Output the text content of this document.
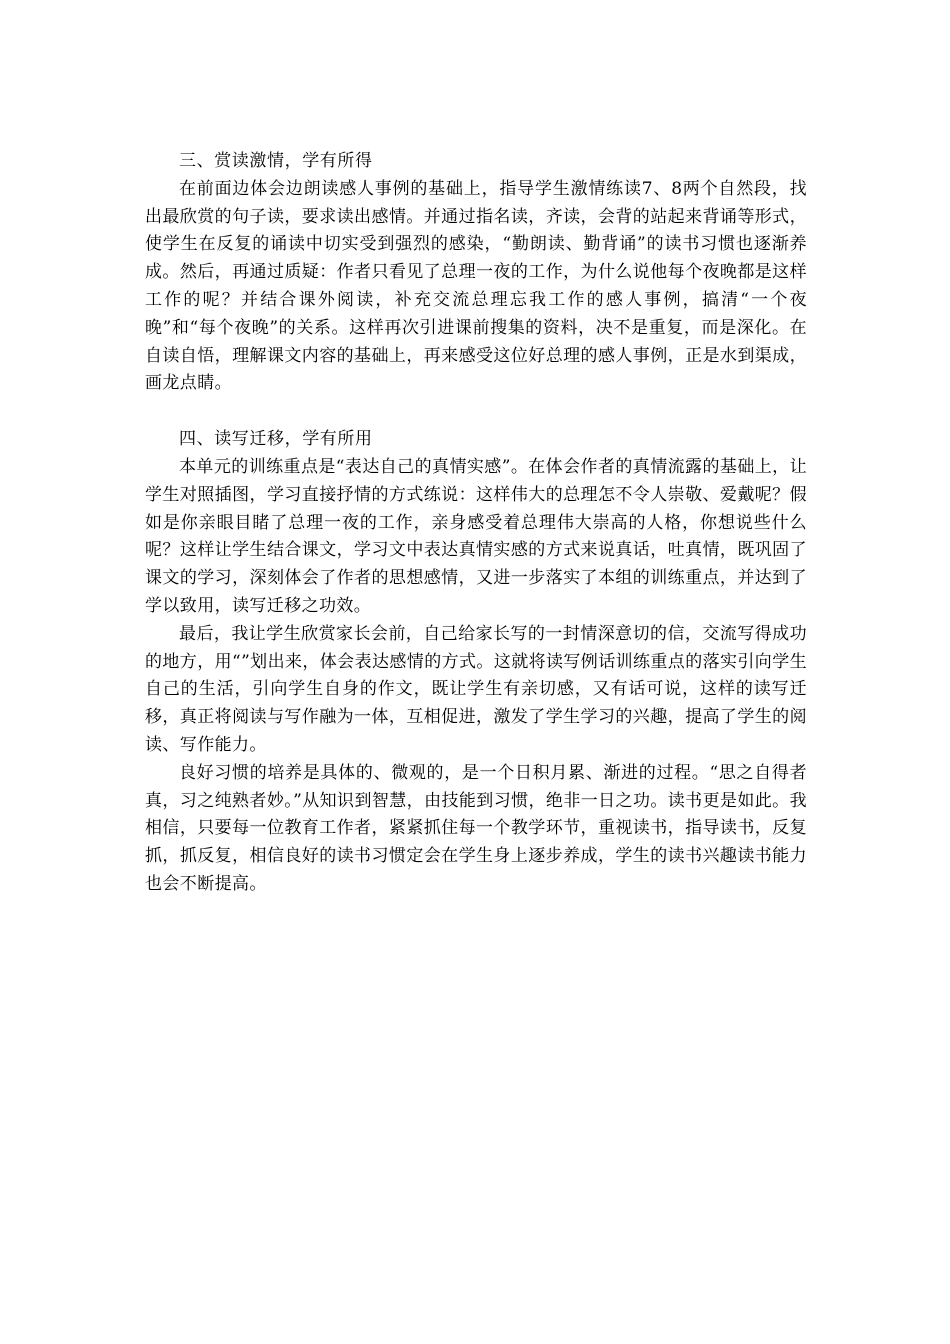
三、赏读激情，学有所得

在前面边体会边朗读感人事例的基础上，指导学生激情练读7、8两个自然段，找出最欣赏的句子读，要求读出感情。并通过指名读，齐读，会背的站起来背诵等形式，使学生在反复的诵读中切实受到强烈的感染，“勤朗读、勤背诵”的读书习惯也逐渐养成。然后，再通过质疑：作者只看见了总理一夜的工作，为什么说他每个夜晚都是这样工作的呢？并结合课外阅读，补充交流总理忘我工作的感人事例，搞清“一个夜晚”和“每个夜晚”的关系。这样再次引进课前搜集的资料，决不是重复，而是深化。在自读自悟，理解课文内容的基础上，再来感受这位好总理的感人事例，正是水到渠成，画龙点睛。

四、读写迁移，学有所用

本单元的训练重点是“表达自己的真情实感”。在体会作者的真情流露的基础上，让学生对照插图，学习直接抒情的方式练说：这样伟大的总理怎不令人崇敬、爱戴呢？假如是你亲眼目睹了总理一夜的工作，亲身感受着总理伟大崇高的人格，你想说些什么呢？这样让学生结合课文，学习文中表达真情实感的方式来说真话，吐真情，既巩固了课文的学习，深刻体会了作者的思想感情，又进一步落实了本组的训练重点，并达到了学以致用，读写迁移之功效。

最后，我让学生欣赏家长会前，自己给家长写的一封情深意切的信，交流写得成功的地方，用“”划出来，体会表达感情的方式。这就将读写例话训练重点的落实引向学生自己的生活，引向学生自身的作文，既让学生有亲切感，又有话可说，这样的读写迁移，真正将阅读与写作融为一体，互相促进，激发了学生学习的兴趣，提高了学生的阅读、写作能力。

良好习惯的培养是具体的、微观的，是一个日积月累、渐进的过程。“思之自得者真，习之纯熟者妙。”从知识到智慧，由技能到习惯，绝非一日之功。读书更是如此。我相信，只要每一位教育工作者，紧紧抓住每一个教学环节，重视读书，指导读书，反复抓，抓反复，相信良好的读书习惯定会在学生身上逐步养成，学生的读书兴趣读书能力也会不断提高。
